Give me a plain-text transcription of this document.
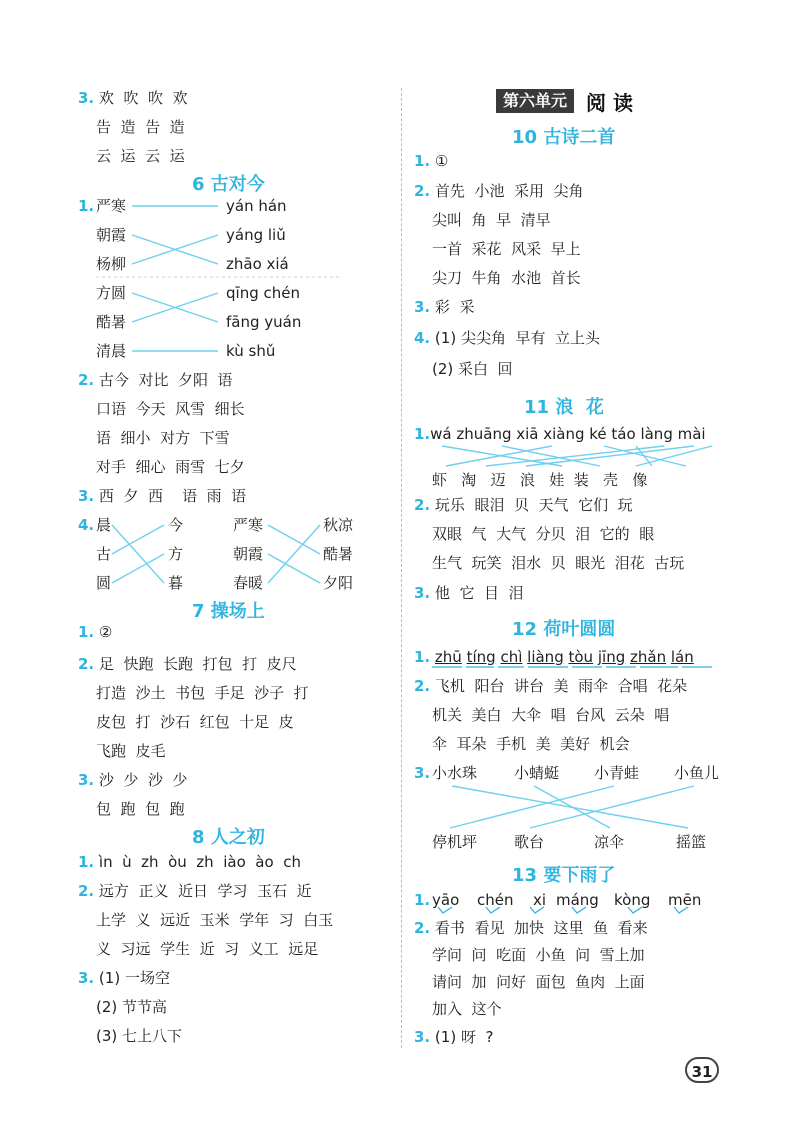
3. 欢  吹  吹  欢
告  造  告  造
云  运  云  运
6 古对今
1. 严寒
朝霞
杨柳
方圆
酷暑
清晨
yán hán
yáng liǔ
zhāo xiá
qīng chén
fāng yuán
kù shǔ
2. 古今  对比  夕阳  语
口语  今天  风雪  细长
语  细小  对方  下雪
对手  细心  雨雪  七夕
3. 西  夕  西    语  雨  语
4. 晨
古
圆
今
方
暮
严寒
朝霞
春暖
秋凉
酷暑
夕阳
7 操场上
1. ②
2. 足  快跑  长跑  打包  打  皮尺
打造  沙土  书包  手足  沙子  打
皮包  打  沙石  红包  十足  皮
飞跑  皮毛
3. 沙  少  沙  少
包  跑  包  跑
8 人之初
1. ìn  ù  zh  òu  zh  iào  ào  ch
2. 远方  正义  近日  学习  玉石  近
上学  义  远近  玉米  学年  习  白玉
义  习远  学生  近  习  义工  远足
3. (1) 一场空
(2) 节节高
(3) 七上八下
第六单元 阅 读
10 古诗二首
1. ①
2. 首先  小池  采用  尖角
尖叫  角  早  清早
一首  采花  风采  早上
尖刀  牛角  水池  首长
3. 彩  采
4. (1) 尖尖角  早有  立上头
(2) 采白  回
11 浪  花
1.wá zhuāng xiā xiàng ké táo làng mài
虾   淘   迈   浪   娃  装   壳   像
2. 玩乐  眼泪  贝  天气  它们  玩
双眼  气  大气  分贝  泪  它的  眼
生气  玩笑  泪水  贝  眼光  泪花  古玩
3. 他  它  目  泪
12 荷叶圆圆
1. zhū tíng chì liàng tòu jīng zhǎn lán
2. 飞机  阳台  讲台  美  雨伞  合唱  花朵
机关  美白  大伞  唱  台风  云朵  唱
伞  耳朵  手机  美  美好  机会
3. 小水珠 小蜻蜓 小青蛙 小鱼儿
停机坪 歌台	凉伞	摇篮
13 要下雨了
1. yāo chén xi máng kòng mēn
2. 看书  看见  加快  这里  鱼  看来
学问  问  吃面  小鱼  问  雪上加
请问  加  问好  面包  鱼肉  上面
加入  这个
3. (1) 呀  ?
31
